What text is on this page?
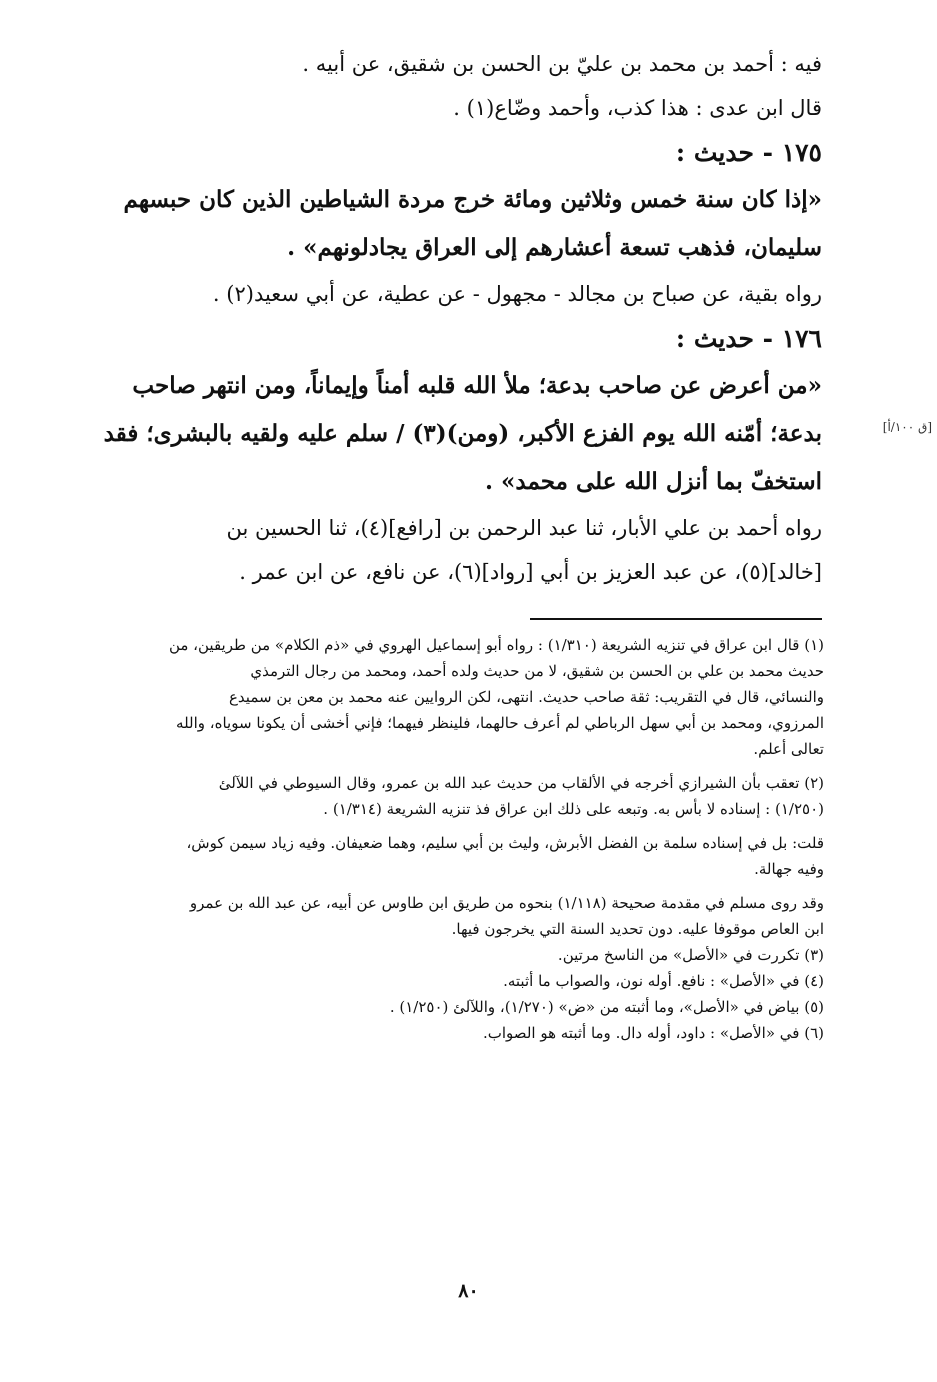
فيه : أحمد بن محمد بن عليّ بن الحسن بن شقيق، عن أبيه .
قال ابن عدى : هذا كذب، وأحمد وضّاع(١) .
١٧٥ - حديث :
«إذا كان سنة خمس وثلاثين ومائة خرج مردة الشياطين الذين كان حبسهم
سليمان، فذهب تسعة أعشارهم إلى العراق يجادلونهم» .
رواه بقية، عن صباح بن مجالد - مجهول - عن عطية، عن أبي سعيد(٢) .
١٧٦ - حديث :
«من أعرض عن صاحب بدعة؛ ملأ الله قلبه أمناً وإيماناً، ومن انتهر صاحب
بدعة؛ أمّنه الله يوم الفزع الأكبر، (ومن)(٣) / سلم عليه ولقيه بالبشرى؛ فقد
استخفّ بما أنزل الله على محمد» .
رواه أحمد بن علي الأبار، ثنا عبد الرحمن بن [رافع](٤)، ثنا الحسين بن
[خالد](٥)، عن عبد العزيز بن أبي [رواد](٦)، عن نافع، عن ابن عمر .
[ق ١٠٠/أ]
(١) قال ابن عراق في تنزيه الشريعة (١/٣١٠) : رواه أبو إسماعيل الهروي في «ذم الكلام» من طريقين، من
حديث محمد بن علي بن الحسن بن شقيق، لا من حديث ولده أحمد، ومحمد من رجال الترمذي
والنسائي، قال في التقريب: ثقة صاحب حديث. انتهى، لكن الروايين عنه محمد بن معن بن سميدع
المرزوي، ومحمد بن أبي سهل الرباطي لم أعرف حالهما، فلينظر فيهما؛ فإني أخشى أن يكونا سوياه، والله
تعالى أعلم.
(٢) تعقب بأن الشيرازي أخرجه في الألقاب من حديث عبد الله بن عمرو، وقال السيوطي في اللآلئ
(١/٢٥٠) : إسناده لا بأس به. وتبعه على ذلك ابن عراق فذ تنزيه الشريعة (١/٣١٤) .
قلت: بل في إسناده سلمة بن الفضل الأبرش، وليث بن أبي سليم، وهما ضعيفان. وفيه زياد سيمن كوش،
وفيه جهالة.
وقد روى مسلم في مقدمة صحيحة (١/١١٨) بنحوه من طريق ابن طاوس عن أبيه، عن عبد الله بن عمرو
ابن العاص موقوفا عليه. دون تحديد السنة التي يخرجون فيها.
(٣) تكررت في «الأصل» من الناسخ مرتين.
(٤) في «الأصل» : نافع. أوله نون، والصواب ما أثبته.
(٥) بياض في «الأصل»، وما أثبته من «ض» (١/٢٧٠)، واللآلئ (١/٢٥٠) .
(٦) في «الأصل» : داود، أوله دال. وما أثبته هو الصواب.
٨٠
